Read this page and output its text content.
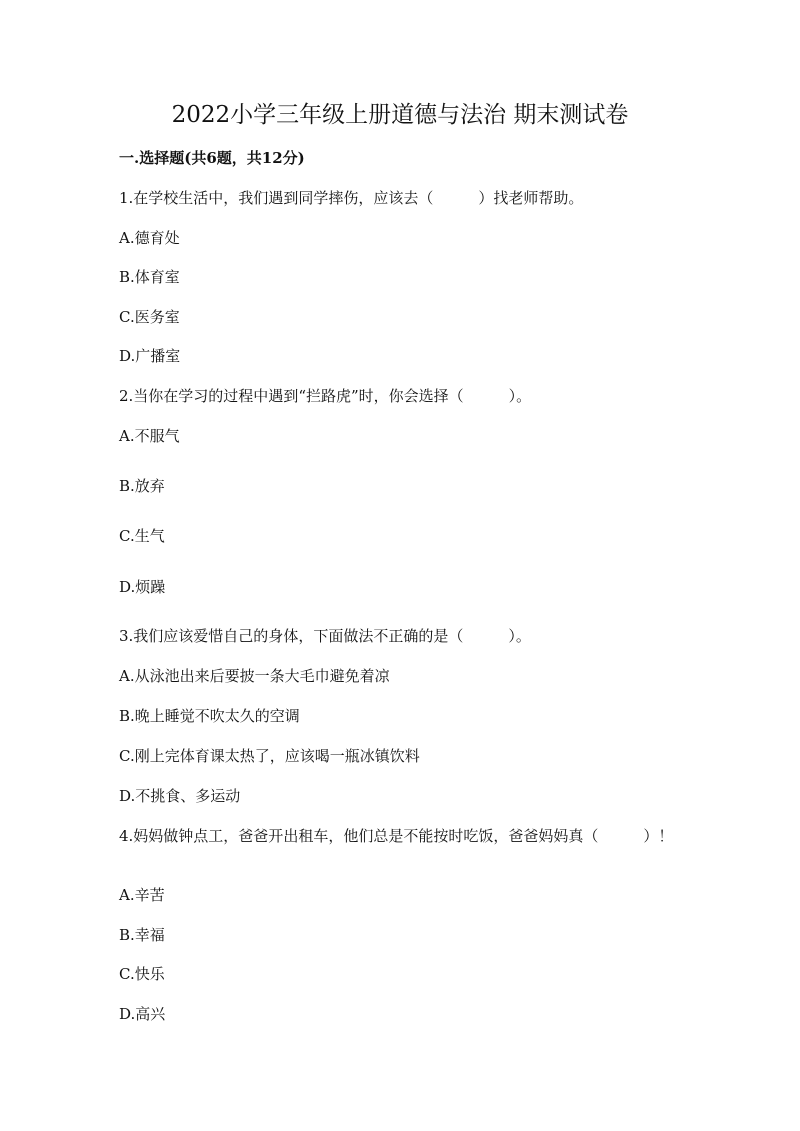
2022小学三年级上册道德与法治 期末测试卷
一.选择题(共6题，共12分)
1.在学校生活中，我们遇到同学摔伤，应该去（　　　）找老师帮助。
A.德育处
B.体育室
C.医务室
D.广播室
2.当你在学习的过程中遇到“拦路虎”时，你会选择（　　　）。
A.不服气
B.放弃
C.生气
D.烦躁
3.我们应该爱惜自己的身体，下面做法不正确的是（　　　）。
A.从泳池出来后要披一条大毛巾避免着凉
B.晚上睡觉不吹太久的空调
C.刚上完体育课太热了，应该喝一瓶冰镇饮料
D.不挑食、多运动
4.妈妈做钟点工，爸爸开出租车，他们总是不能按时吃饭，爸爸妈妈真（　　　）！
A.辛苦
B.幸福
C.快乐
D.高兴
